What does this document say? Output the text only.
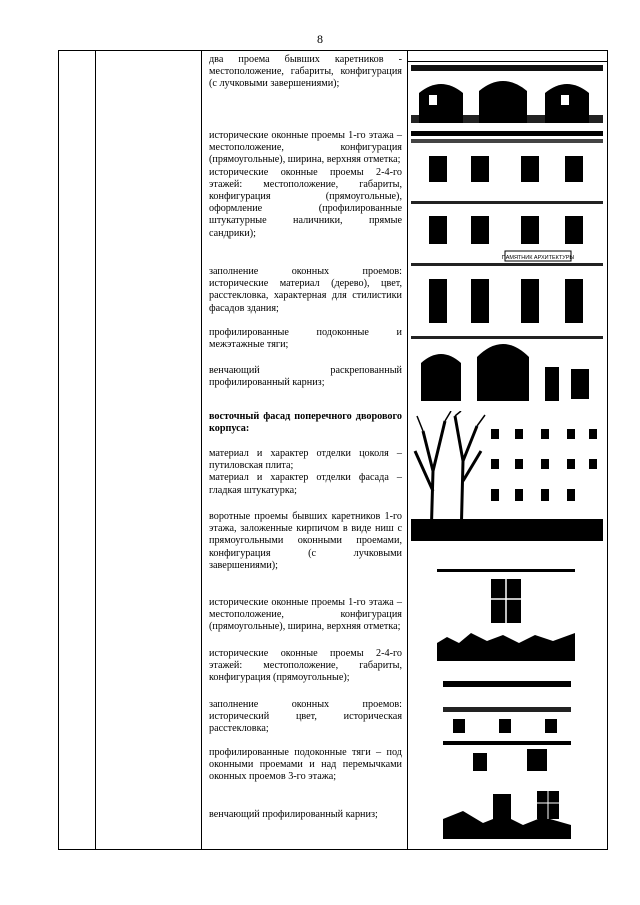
8
два проема бывших каретников - местоположение, габариты, конфигурация (с лучковыми завершениями);
исторические оконные проемы 1-го этажа – местоположение, конфигурация (прямоугольные), ширина, верхняя отметка;
исторические оконные проемы 2-4-го этажей: местоположение, габариты, конфигурация (прямоугольные), оформление (профилированные штукатурные наличники, прямые сандрики);
заполнение оконных проемов: исторические материал (дерево), цвет, расстекловка, характерная для стилистики фасадов здания;
профилированные подоконные и межэтажные тяги;
венчающий раскрепованный профилированный карниз;
восточный фасад поперечного дворового корпуса:
материал и характер отделки цоколя – путиловская плита;
материал и характер отделки фасада – гладкая штукатурка;
воротные проемы бывших каретников 1-го этажа, заложенные кирпичом в виде ниш с прямоугольными оконными проемами, конфигурация (с лучковыми завершениями);
исторические оконные проемы 1-го этажа – местоположение, конфигурация (прямоугольные), ширина, верхняя отметка;
исторические оконные проемы 2-4-го этажей: местоположение, габариты, конфигурация (прямоугольные);
заполнение оконных проемов: исторический цвет, историческая расстекловка;
профилированные подоконные тяги – под оконными проемами и над перемычками оконных проемов 3-го этажа;
венчающий профилированный карниз;
ПАМЯТНИК АРХИТЕКТУРЫ
